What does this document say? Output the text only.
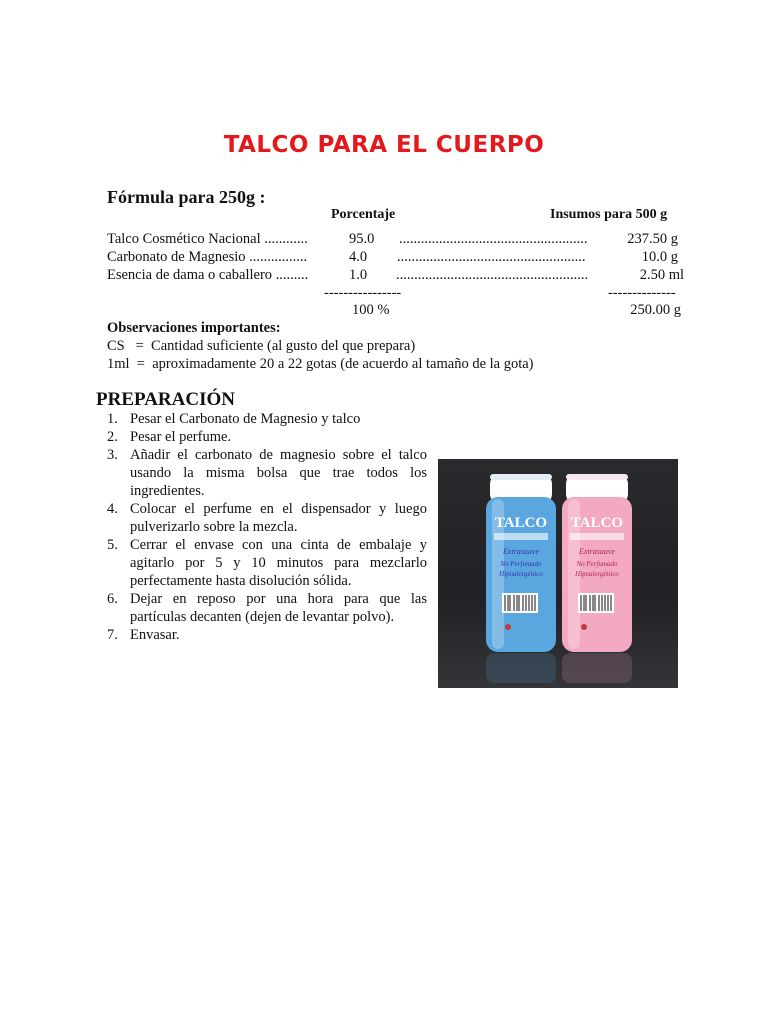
TALCO PARA EL CUERPO
Fórmula para 250g :
Porcentaje	Insumos para 500 g
Talco Cosmético Nacional ............	95.0 ....................................................	237.50 g
Carbonato de Magnesio ................	4.0 ....................................................	10.0 g
Esencia de dama o caballero .........	1.0 .....................................................	2.50 ml
----------------	--------------
100 %	250.00 g
Observaciones importantes:
CS   =  Cantidad suficiente (al gusto del que prepara)
1ml  =  aproximadamente 20 a 22 gotas (de acuerdo al tamaño de la gota)
PREPARACIÓN
1. Pesar el Carbonato de Magnesio y talco
2. Pesar el perfume.
3. Añadir el carbonato de magnesio sobre el talco usando la misma bolsa que trae todos los ingredientes.
4. Colocar el perfume en el dispensador y luego pulverizarlo sobre la mezcla.
5. Cerrar el envase con una cinta de embalaje y agitarlo por 5 y 10 minutos para mezclarlo perfectamente hasta disolución sólida.
6. Dejar en reposo por una hora para que las partículas decanten (dejen de levantar polvo).
7. Envasar.
TALCO
Extrasuave
No Perfumado
Hipoalergénico
TALCO
Extrasuave
No Perfumado
Hipoalergénico
